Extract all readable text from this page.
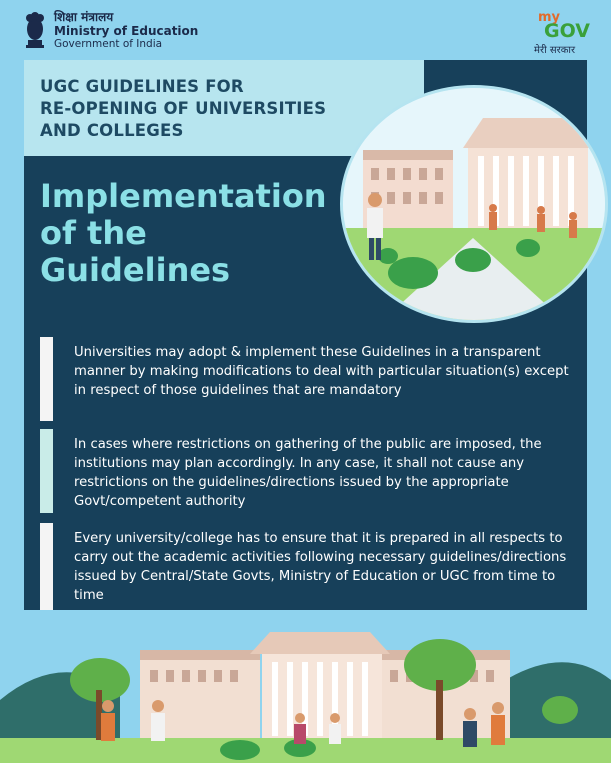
शिक्षा मंत्रालय
Ministry of Education
Government of India
my
GOV
मेरी सरकार
UGC GUIDELINES FOR
RE-OPENING OF UNIVERSITIES
AND COLLEGES
Implementation
of the
Guidelines
Universities may adopt & implement these Guidelines in a transparent manner by making modifications to deal with particular situation(s) except in respect of those guidelines that are mandatory
In cases where restrictions on gathering of the public are imposed, the institutions may plan accordingly. In any case, it shall not cause any restrictions on the guidelines/directions issued by the appropriate Govt/competent authority
Every university/college has to ensure that it is prepared in all respects to carry out the academic activities following necessary guidelines/directions issued by Central/State Govts, Ministry of Education or UGC from time to time
